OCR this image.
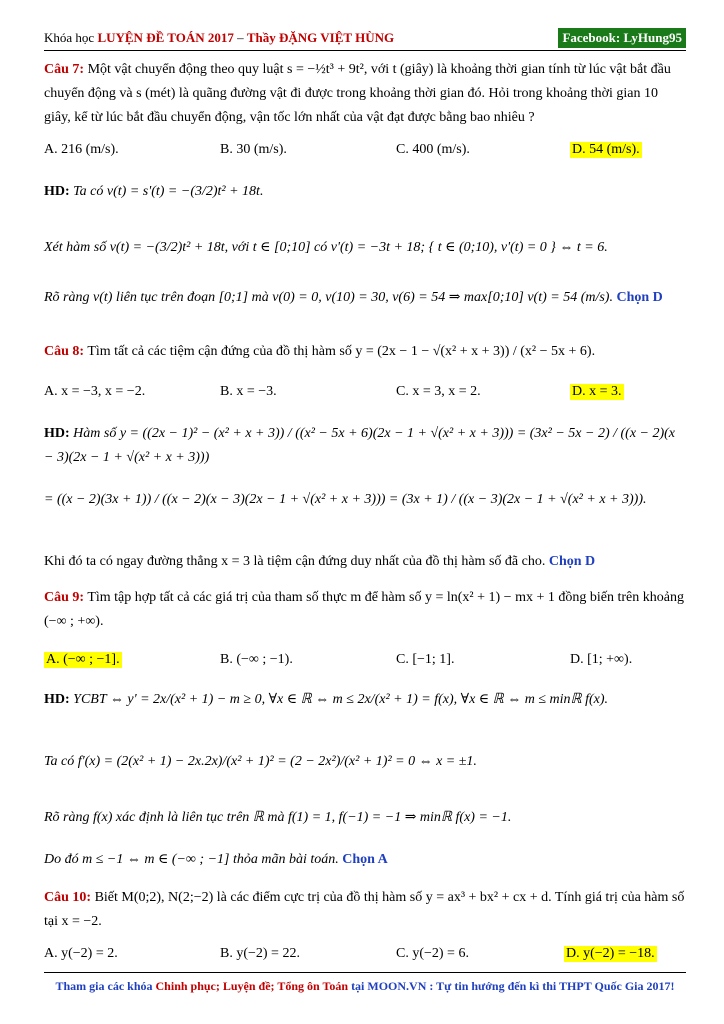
Khóa học LUYỆN ĐỀ TOÁN 2017 – Thầy ĐẶNG VIỆT HÙNG	Facebook: LyHung95
Câu 7: Một vật chuyển động theo quy luật s = −½t³ + 9t², với t (giây) là khoảng thời gian tính từ lúc vật bắt đầu chuyển động và s (mét) là quãng đường vật đi được trong khoảng thời gian đó. Hỏi trong khoảng thời gian 10 giây, kể từ lúc bắt đầu chuyển động, vận tốc lớn nhất của vật đạt được bằng bao nhiêu ?
A. 216 (m/s).	B. 30 (m/s).	C. 400 (m/s).	D. 54 (m/s).
HD: Ta có v(t) = s'(t) = −(3/2)t² + 18t.
Xét hàm số v(t) = −(3/2)t² + 18t, với t ∈ [0;10] có v'(t) = −3t + 18; { t ∈ (0;10), v'(t) = 0 } ⇔ t = 6.
Rõ ràng v(t) liên tục trên đoạn [0;1] mà v(0) = 0, v(10) = 30, v(6) = 54 ⇒ max[0;10] v(t) = 54 (m/s). Chọn D
Câu 8: Tìm tất cả các tiệm cận đứng của đồ thị hàm số y = (2x − 1 − √(x² + x + 3)) / (x² − 5x + 6).
A. x = −3, x = −2.	B. x = −3.	C. x = 3, x = 2.	D. x = 3.
HD: Hàm số y = ((2x − 1)² − (x² + x + 3)) / ((x² − 5x + 6)(2x − 1 + √(x² + x + 3))) = (3x² − 5x − 2) / ((x − 2)(x − 3)(2x − 1 + √(x² + x + 3)))
= ((x − 2)(3x + 1)) / ((x − 2)(x − 3)(2x − 1 + √(x² + x + 3))) = (3x + 1) / ((x − 3)(2x − 1 + √(x² + x + 3))).
Khi đó ta có ngay đường thẳng x = 3 là tiệm cận đứng duy nhất của đồ thị hàm số đã cho. Chọn D
Câu 9: Tìm tập hợp tất cả các giá trị của tham số thực m để hàm số y = ln(x² + 1) − mx + 1 đồng biến trên khoảng (−∞ ; +∞).
A. (−∞ ; −1].	B. (−∞ ; −1).	C. [−1; 1].	D. [1; +∞).
HD: YCBT ⇔ y' = 2x/(x² + 1) − m ≥ 0, ∀x ∈ ℝ ⇔ m ≤ 2x/(x² + 1) = f(x), ∀x ∈ ℝ ⇔ m ≤ minℝ f(x).
Ta có f'(x) = (2(x² + 1) − 2x.2x)/(x² + 1)² = (2 − 2x²)/(x² + 1)² = 0 ⇔ x = ±1.
Rõ ràng f(x) xác định là liên tục trên ℝ mà f(1) = 1, f(−1) = −1 ⇒ minℝ f(x) = −1.
Do đó m ≤ −1 ⇔ m ∈ (−∞ ; −1] thỏa mãn bài toán. Chọn A
Câu 10: Biết M(0;2), N(2;−2) là các điểm cực trị của đồ thị hàm số y = ax³ + bx² + cx + d. Tính giá trị của hàm số tại x = −2.
A. y(−2) = 2.	B. y(−2) = 22.	C. y(−2) = 6.	D. y(−2) = −18.
Tham gia các khóa Chinh phục; Luyện đề; Tổng ôn Toán tại MOON.VN : Tự tin hướng đến kì thi THPT Quốc Gia 2017!
